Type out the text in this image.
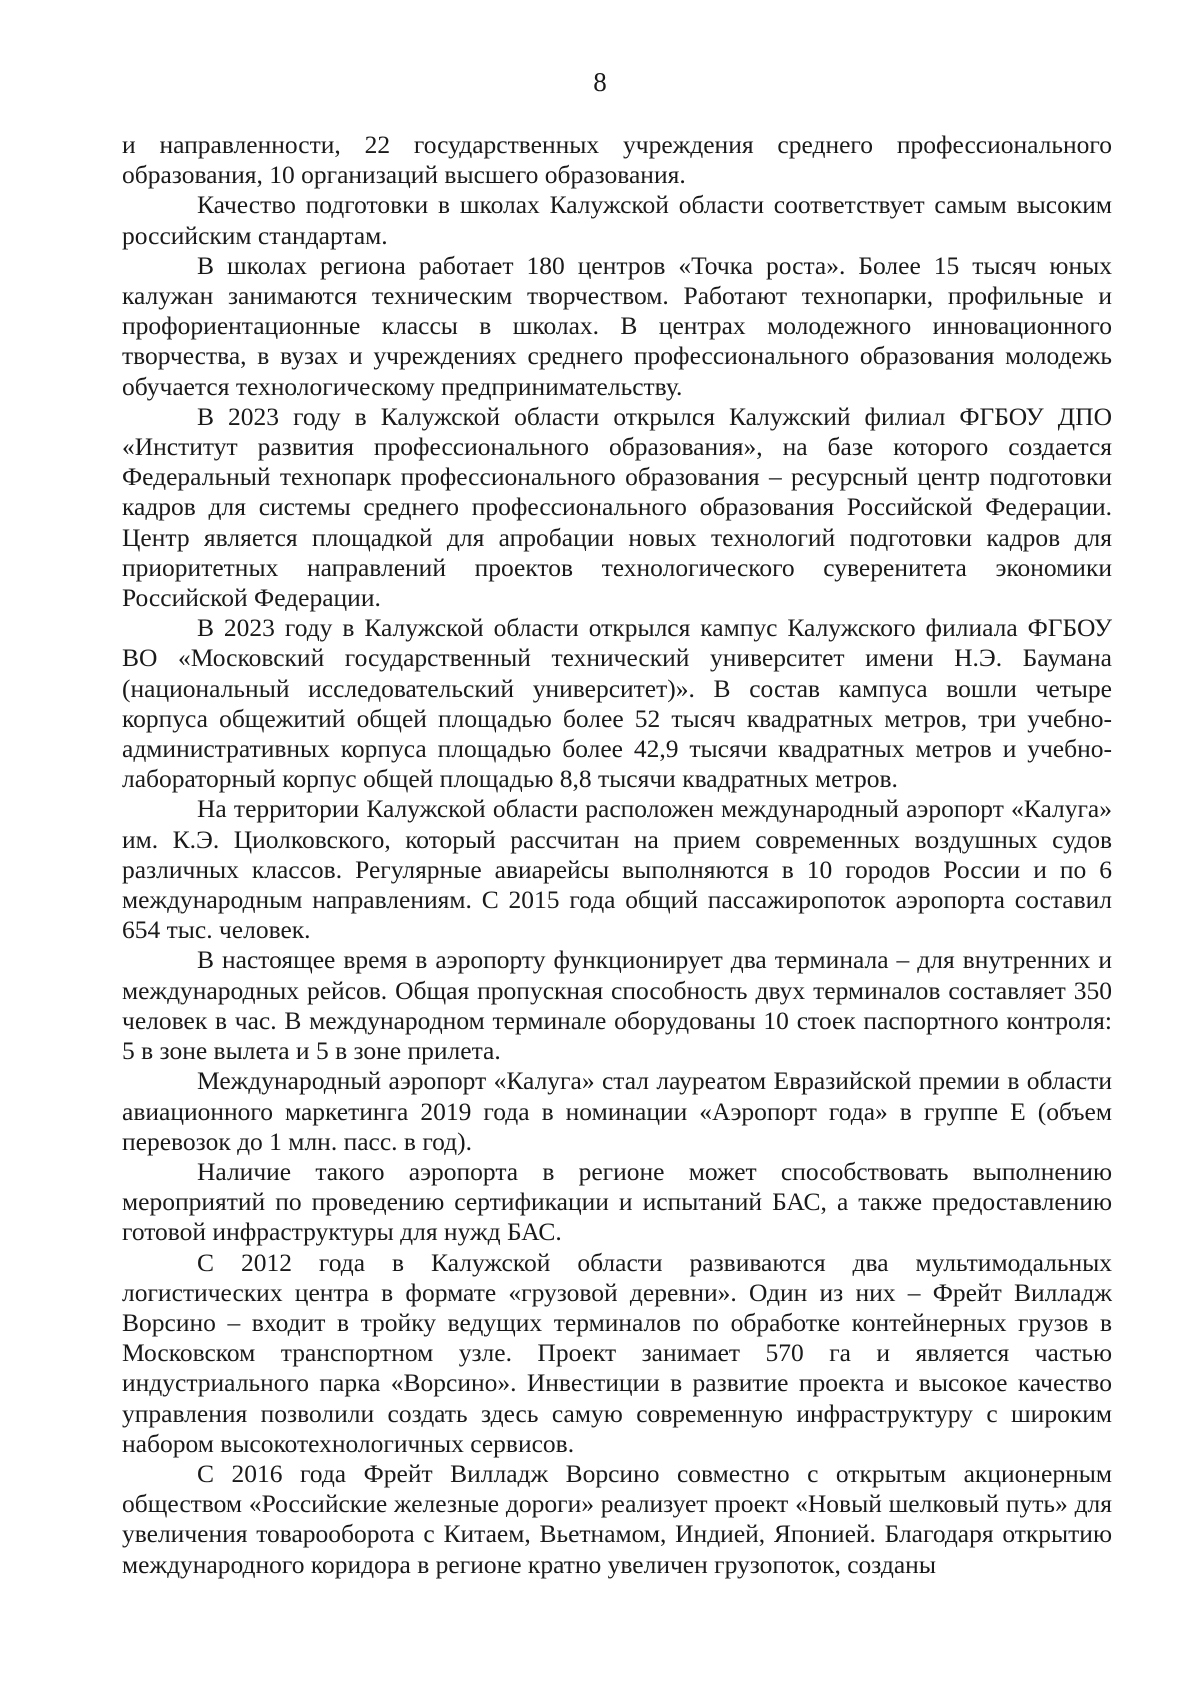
8

и направленности, 22 государственных учреждения среднего профессионального образования, 10 организаций высшего образования.

Качество подготовки в школах Калужской области соответствует самым высоким российским стандартам.

В школах региона работает 180 центров «Точка роста». Более 15 тысяч юных калужан занимаются техническим творчеством. Работают технопарки, профильные и профориентационные классы в школах. В центрах молодежного инновационного творчества, в вузах и учреждениях среднего профессионального образования молодежь обучается технологическому предпринимательству.

В 2023 году в Калужской области открылся Калужский филиал ФГБОУ ДПО «Институт развития профессионального образования», на базе которого создается Федеральный технопарк профессионального образования – ресурсный центр подготовки кадров для системы среднего профессионального образования Российской Федерации. Центр является площадкой для апробации новых технологий подготовки кадров для приоритетных направлений проектов технологического суверенитета экономики Российской Федерации.

В 2023 году в Калужской области открылся кампус Калужского филиала ФГБОУ ВО «Московский государственный технический университет имени Н.Э. Баумана (национальный исследовательский университет)». В состав кампуса вошли четыре корпуса общежитий общей площадью более 52 тысяч квадратных метров, три учебно-административных корпуса площадью более 42,9 тысячи квадратных метров и учебно-лабораторный корпус общей площадью 8,8 тысячи квадратных метров.

На территории Калужской области расположен международный аэропорт «Калуга» им. К.Э. Циолковского, который рассчитан на прием современных воздушных судов различных классов. Регулярные авиарейсы выполняются в 10 городов России и по 6 международным направлениям. С 2015 года общий пассажиропоток аэропорта составил 654 тыс. человек.

В настоящее время в аэропорту функционирует два терминала – для внутренних и международных рейсов. Общая пропускная способность двух терминалов составляет 350 человек в час. В международном терминале оборудованы 10 стоек паспортного контроля: 5 в зоне вылета и 5 в зоне прилета.

Международный аэропорт «Калуга» стал лауреатом Евразийской премии в области авиационного маркетинга 2019 года в номинации «Аэропорт года» в группе Е (объем перевозок до 1 млн. пасс. в год).

Наличие такого аэропорта в регионе может способствовать выполнению мероприятий по проведению сертификации и испытаний БАС, а также предоставлению готовой инфраструктуры для нужд БАС.

С 2012 года в Калужской области развиваются два мультимодальных логистических центра в формате «грузовой деревни». Один из них – Фрейт Вилладж Ворсино – входит в тройку ведущих терминалов по обработке контейнерных грузов в Московском транспортном узле. Проект занимает 570 га и является частью индустриального парка «Ворсино». Инвестиции в развитие проекта и высокое качество управления позволили создать здесь самую современную инфраструктуру с широким набором высокотехнологичных сервисов.

С 2016 года Фрейт Вилладж Ворсино совместно с открытым акционерным обществом «Российские железные дороги» реализует проект «Новый шелковый путь» для увеличения товарооборота с Китаем, Вьетнамом, Индией, Японией. Благодаря открытию международного коридора в регионе кратно увеличен грузопоток, созданы
